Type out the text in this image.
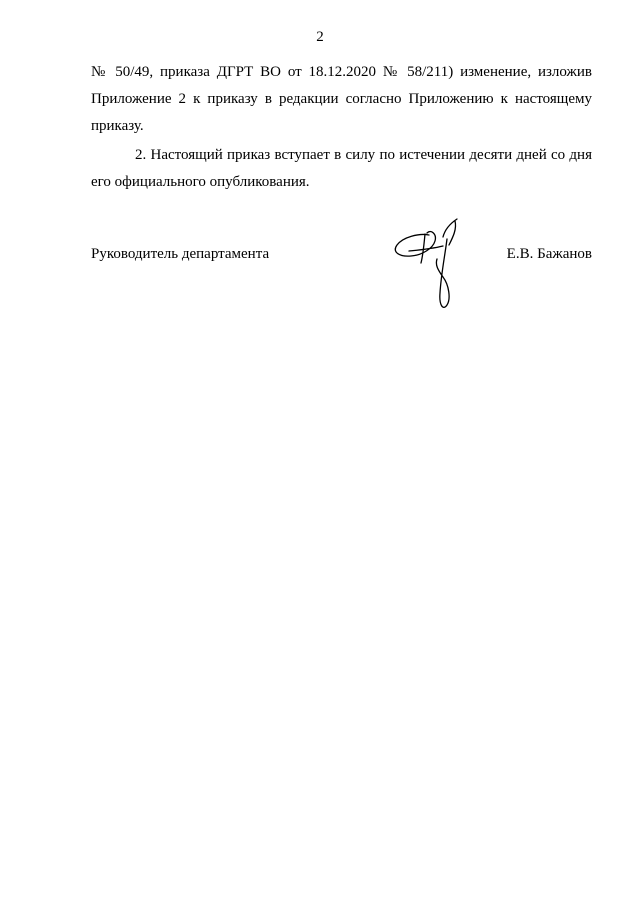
2
№ 50/49, приказа ДГРТ ВО от 18.12.2020 № 58/211) изменение, изложив
Приложение 2 к приказу в редакции согласно Приложению к настоящему
приказу.
2. Настоящий приказ вступает в силу по истечении десяти дней со дня
его официального опубликования.
Руководитель департамента	Е.В. Бажанов
